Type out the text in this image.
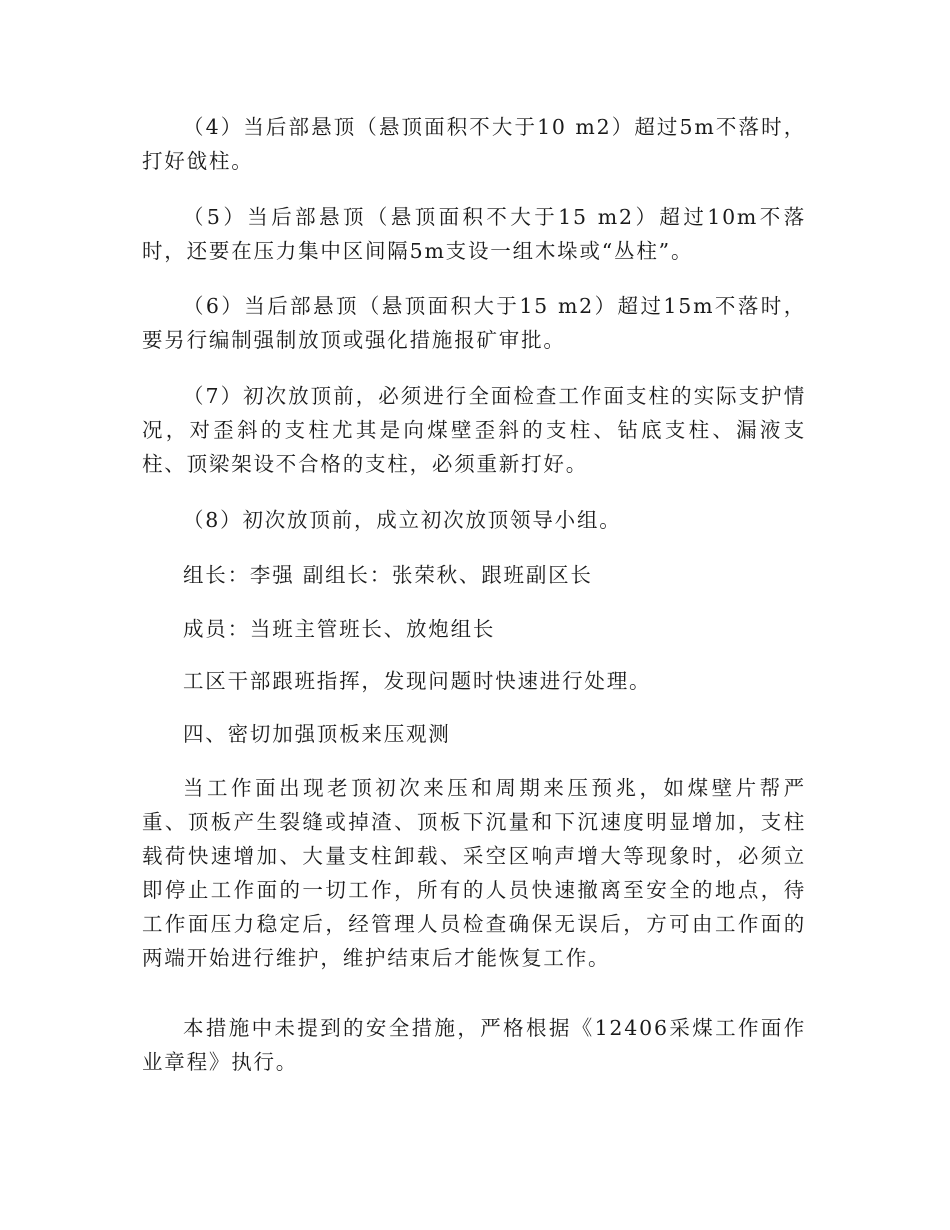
（4）当后部悬顶（悬顶面积不大于10 m2）超过5m不落时，打好戗柱。

（5）当后部悬顶（悬顶面积不大于15 m2）超过10m不落时，还要在压力集中区间隔5m支设一组木垛或“丛柱”。

（6）当后部悬顶（悬顶面积大于15 m2）超过15m不落时，要另行编制强制放顶或强化措施报矿审批。

（7）初次放顶前，必须进行全面检查工作面支柱的实际支护情况，对歪斜的支柱尤其是向煤壁歪斜的支柱、钻底支柱、漏液支柱、顶梁架设不合格的支柱，必须重新打好。

（8）初次放顶前，成立初次放顶领导小组。

组长：李强 副组长：张荣秋、跟班副区长

成员：当班主管班长、放炮组长

工区干部跟班指挥，发现问题时快速进行处理。

四、密切加强顶板来压观测

当工作面出现老顶初次来压和周期来压预兆，如煤壁片帮严重、顶板产生裂缝或掉渣、顶板下沉量和下沉速度明显增加，支柱载荷快速增加、大量支柱卸载、采空区响声增大等现象时，必须立即停止工作面的一切工作，所有的人员快速撤离至安全的地点，待工作面压力稳定后，经管理人员检查确保无误后，方可由工作面的两端开始进行维护，维护结束后才能恢复工作。

本措施中未提到的安全措施，严格根据《12406采煤工作面作业章程》执行。
